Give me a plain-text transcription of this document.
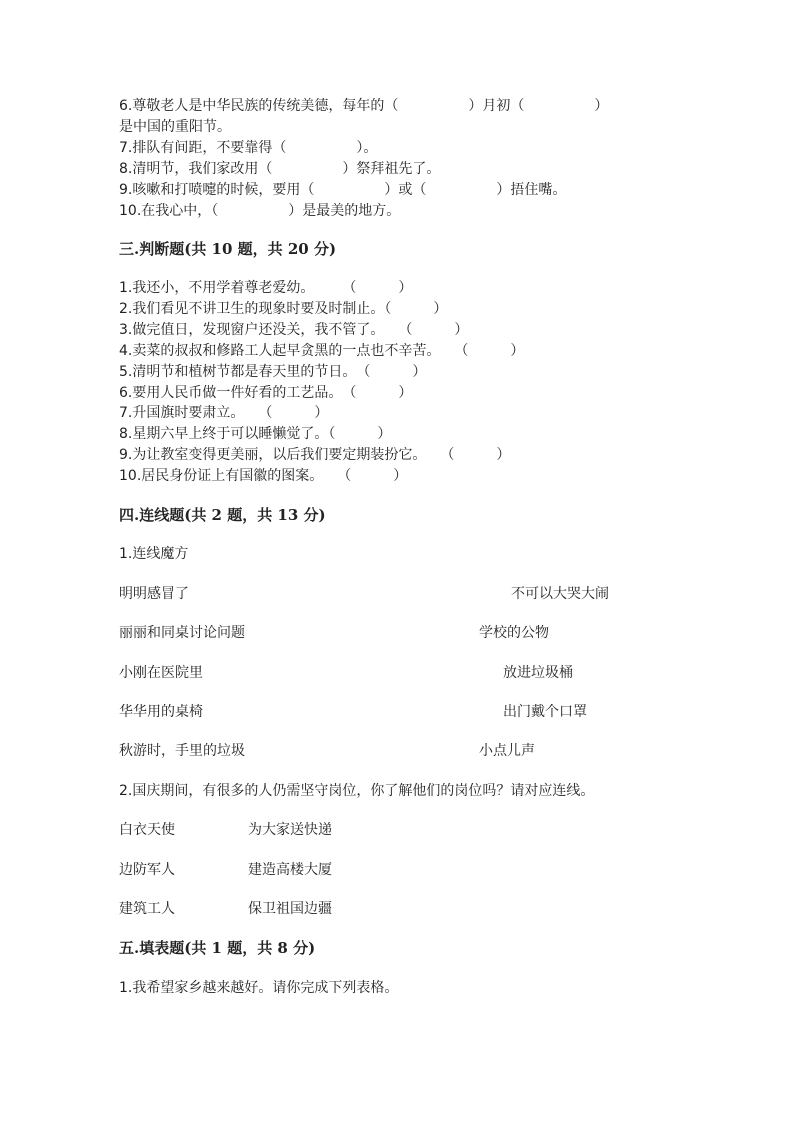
6.尊敬老人是中华民族的传统美德，每年的（　　　　　）月初（　　　　　）
是中国的重阳节。
7.排队有间距，不要靠得（　　　　　）。
8.清明节，我们家改用（　　　　　）祭拜祖先了。
9.咳嗽和打喷嚏的时候，要用（　　　　　）或（　　　　　）捂住嘴。
10.在我心中，（　　　　　）是最美的地方。
三.判断题(共 10 题，共 20 分)
1.我还小，不用学着尊老爱幼。　　　（　　　）
2.我们看见不讲卫生的现象时要及时制止。（　　　）
3.做完值日，发现窗户还没关，我不管了。　　（　　　）
4.卖菜的叔叔和修路工人起早贪黑的一点也不辛苦。　　（　　　）
5.清明节和植树节都是春天里的节日。　（　　　）
6.要用人民币做一件好看的工艺品。　（　　　）
7.升国旗时要肃立。　　（　　　）
8.星期六早上终于可以睡懒觉了。（　　　）
9.为让教室变得更美丽，以后我们要定期装扮它。　　（　　　）
10.居民身份证上有国徽的图案。　　（　　　）
四.连线题(共 2 题，共 13 分)
1.连线魔方
明明感冒了	不可以大哭大闹
丽丽和同桌讨论问题	学校的公物
小刚在医院里	放进垃圾桶
华华用的桌椅	出门戴个口罩
秋游时，手里的垃圾	小点儿声
2.国庆期间，有很多的人仍需坚守岗位，你了解他们的岗位吗？请对应连线。
白衣天使	为大家送快递
边防军人	建造高楼大厦
建筑工人	保卫祖国边疆
五.填表题(共 1 题，共 8 分)
1.我希望家乡越来越好。请你完成下列表格。
